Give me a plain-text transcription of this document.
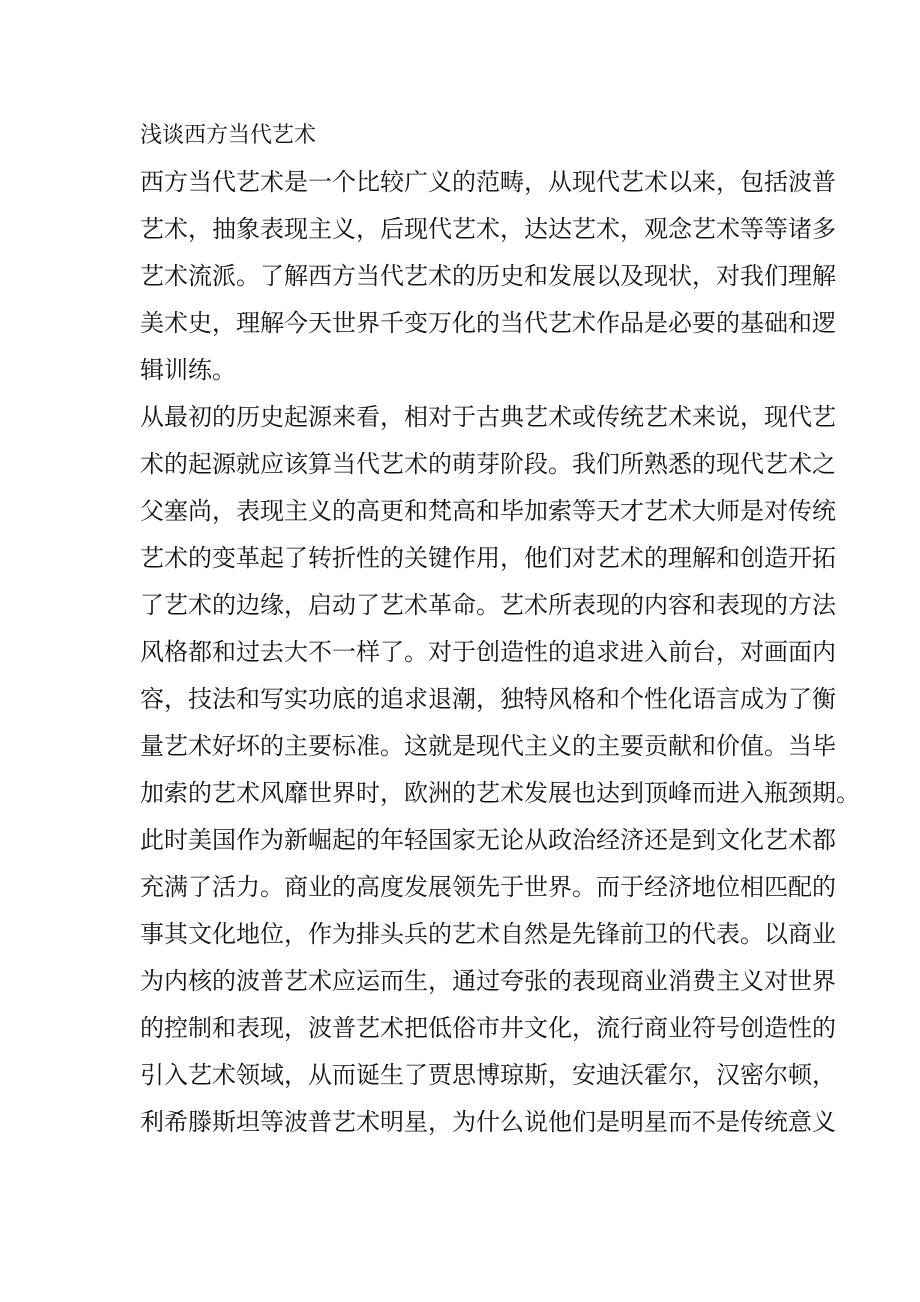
浅谈西方当代艺术
西方当代艺术是一个比较广义的范畴，从现代艺术以来，包括波普
艺术，抽象表现主义，后现代艺术，达达艺术，观念艺术等等诸多
艺术流派。了解西方当代艺术的历史和发展以及现状，对我们理解
美术史，理解今天世界千变万化的当代艺术作品是必要的基础和逻
辑训练。
从最初的历史起源来看，相对于古典艺术或传统艺术来说，现代艺
术的起源就应该算当代艺术的萌芽阶段。我们所熟悉的现代艺术之
父塞尚，表现主义的高更和梵高和毕加索等天才艺术大师是对传统
艺术的变革起了转折性的关键作用，他们对艺术的理解和创造开拓
了艺术的边缘，启动了艺术革命。艺术所表现的内容和表现的方法
风格都和过去大不一样了。对于创造性的追求进入前台，对画面内
容，技法和写实功底的追求退潮，独特风格和个性化语言成为了衡
量艺术好坏的主要标准。这就是现代主义的主要贡献和价值。当毕
加索的艺术风靡世界时，欧洲的艺术发展也达到顶峰而进入瓶颈期。
此时美国作为新崛起的年轻国家无论从政治经济还是到文化艺术都
充满了活力。商业的高度发展领先于世界。而于经济地位相匹配的
事其文化地位，作为排头兵的艺术自然是先锋前卫的代表。以商业
为内核的波普艺术应运而生，通过夸张的表现商业消费主义对世界
的控制和表现，波普艺术把低俗市井文化，流行商业符号创造性的
引入艺术领域，从而诞生了贾思博琼斯，安迪沃霍尔，汉密尔顿，
利希滕斯坦等波普艺术明星，为什么说他们是明星而不是传统意义
